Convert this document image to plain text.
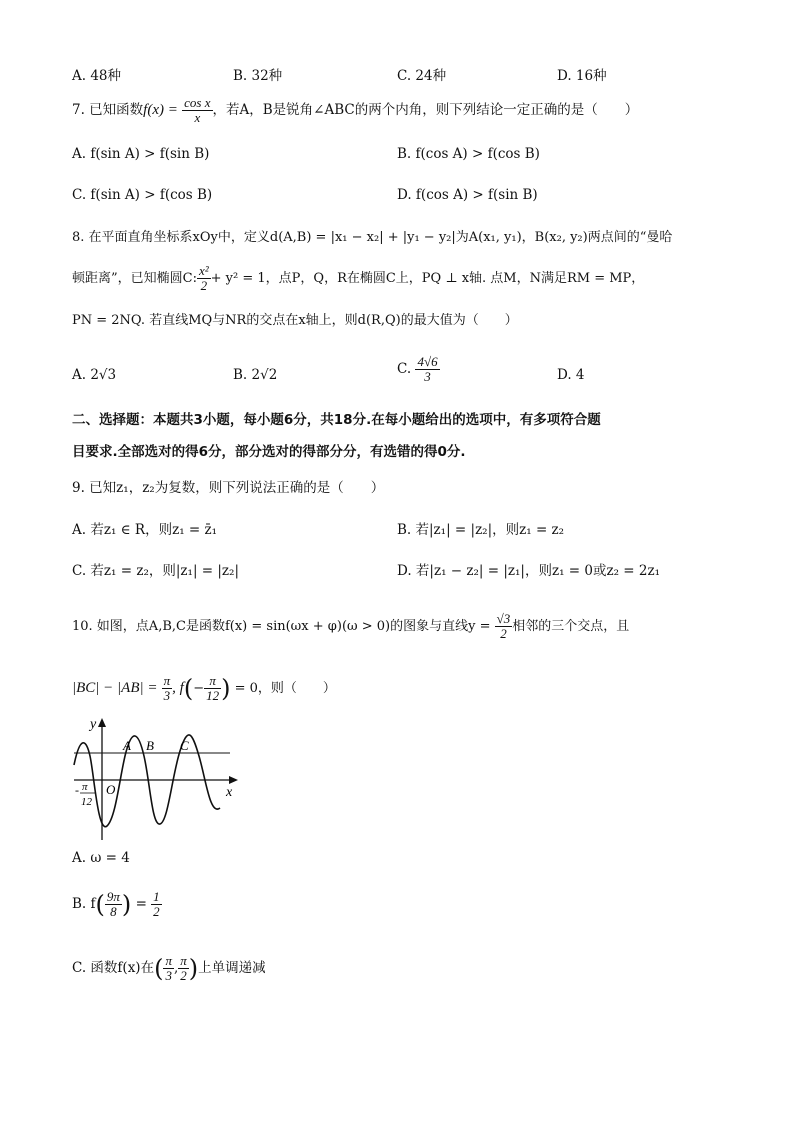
A. 48种	B. 32种	C. 24种	D. 16种
7. 已知函数$f(x) = \frac{\text{cos x}}{x}$ ，若A，B是锐角∠ABC的两个内角，则下列结论一定正确的是（　　）
A. f(sin A) > f(sin B)	B. f(cos A) > f(cos B)
C. f(sin A) > f(cos B)	D. f(cos A) > f(sin B)
8. 在平面直角坐标系xOy中，定义d(A,B) = |x₁ − x₂| + |y₁ − y₂|为A(x₁, y₁)，B(x₂, y₂)两点间的“曼哈
顿距离”，已知椭圆C: $\frac{\text{x²}}{2} + y^2 = 1$，点P，Q，R在椭圆C上，PQ ⊥ x轴. 点M，N满足RM = MP，
PN = 2NQ. 若直线MQ与NR的交点在x轴上，则d(R,Q)的最大值为（　　）
A. 2√3	B. 2√2	C. $\frac{4√6}{3}$	D. 4
二、选择题：本题共3小题，每小题6分，共18分.在每小题给出的选项中，有多项符合题
目要求.全部选对的得6分，部分选对的得部分分，有选错的得0分.
9. 已知z₁，z₂为复数，则下列说法正确的是（　　）
A. 若z₁ ∈ R，则z₁ = z̄₁	B. 若|z₁| = |z₂|，则z₁ = z₂
C. 若z₁ = z₂，则|z₁| = |z₂|	D. 若|z₁ − z₂| = |z₁|，则z₁ = 0或z₂ = 2z₁
10. 如图，点A,B,C是函数f(x) = sin(ωx + φ)(ω > 0)的图象与直线$y = \frac{√3}{2}$ 相邻的三个交点，且
$|BC| - |AB| = \frac{\pi}{3}$ , $f(- \frac{\pi}{12}$ ) = 0，则（　　）
y
x
O
A B C
- π
12
A. ω = 4
B. $f( \frac{9\pi}{8}$ ) = $\frac{1}{2}$
C. 函数f(x)在( $\frac{\pi}{3}$ , $\frac{\pi}{2}$ )上单调递减
